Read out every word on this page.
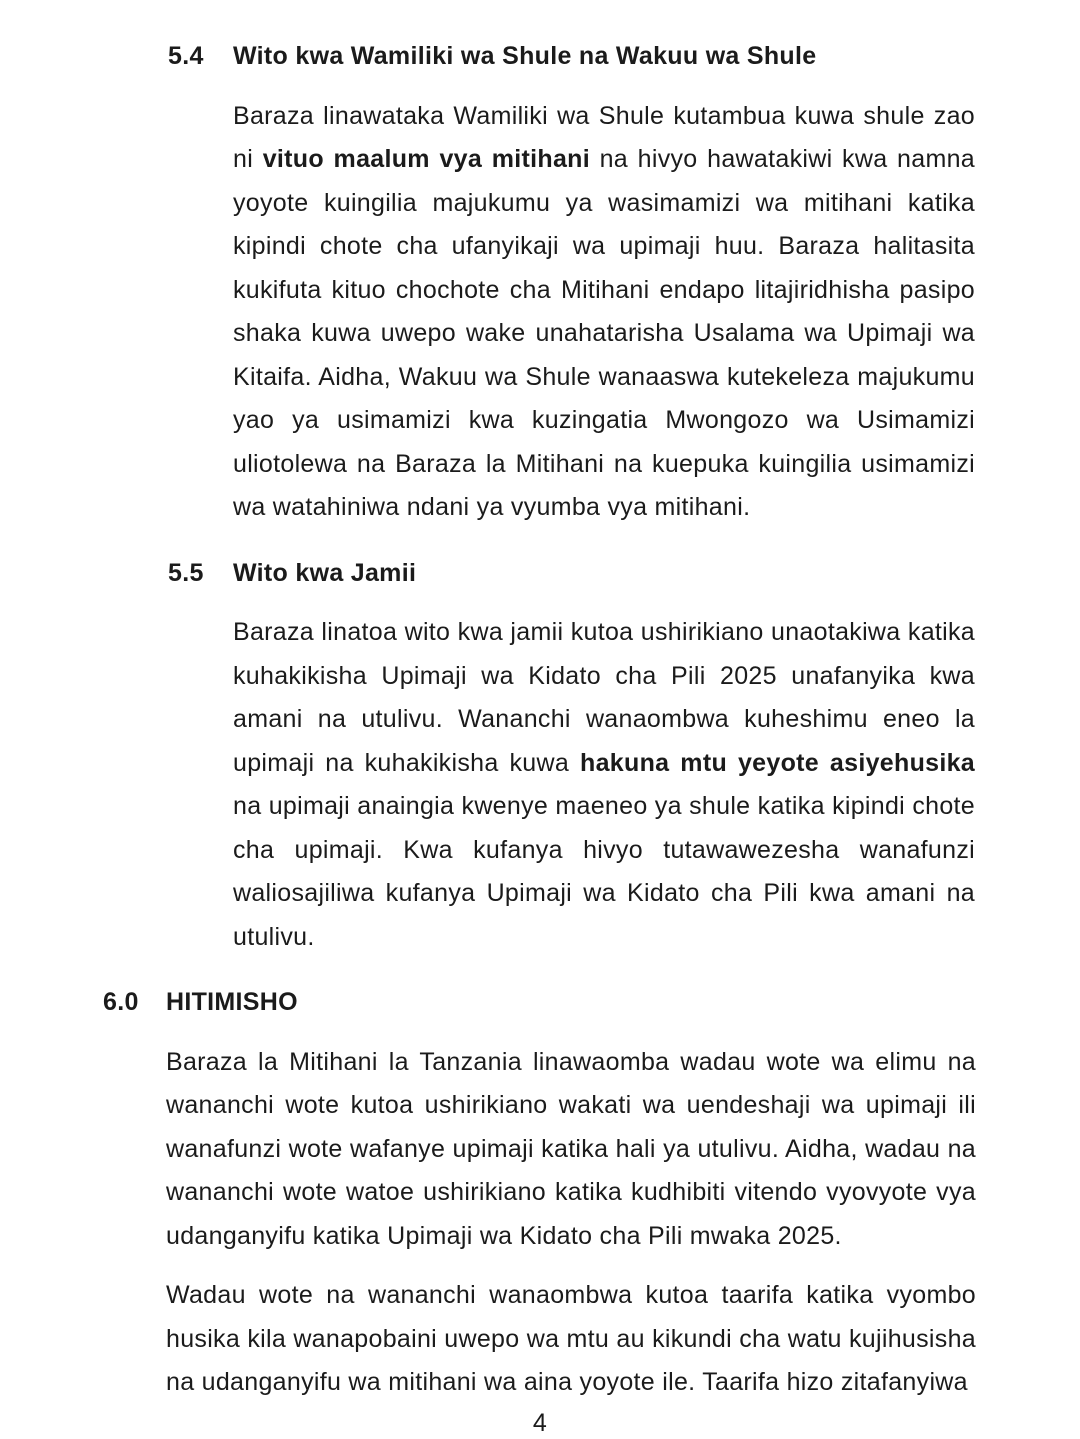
5.4	Wito kwa Wamiliki wa Shule na Wakuu wa Shule

Baraza linawataka Wamiliki wa Shule kutambua kuwa shule zao ni vituo maalum vya mitihani na hivyo hawatakiwi kwa namna yoyote kuingilia majukumu ya wasimamizi wa mitihani katika kipindi chote cha ufanyikaji wa upimaji huu. Baraza halitasita kukifuta kituo chochote cha Mitihani endapo litajiridhisha pasipo shaka kuwa uwepo wake unahatarisha Usalama wa Upimaji wa Kitaifa. Aidha, Wakuu wa Shule wanaaswa kutekeleza majukumu yao ya usimamizi kwa kuzingatia Mwongozo wa Usimamizi uliotolewa na Baraza la Mitihani na kuepuka kuingilia usimamizi wa watahiniwa ndani ya vyumba vya mitihani.

5.5	Wito kwa Jamii

Baraza linatoa wito kwa jamii kutoa ushirikiano unaotakiwa katika kuhakikisha Upimaji wa Kidato cha Pili 2025 unafanyika kwa amani na utulivu. Wananchi wanaombwa kuheshimu eneo la upimaji na kuhakikisha kuwa hakuna mtu yeyote asiyehusika na upimaji anaingia kwenye maeneo ya shule katika kipindi chote cha upimaji. Kwa kufanya hivyo tutawawezesha wanafunzi waliosajiliwa kufanya Upimaji wa Kidato cha Pili kwa amani na utulivu.

6.0	HITIMISHO

Baraza la Mitihani la Tanzania linawaomba wadau wote wa elimu na wananchi wote kutoa ushirikiano wakati wa uendeshaji wa upimaji ili wanafunzi wote wafanye upimaji katika hali ya utulivu. Aidha, wadau na wananchi wote watoe ushirikiano katika kudhibiti vitendo vyovyote vya udanganyifu katika Upimaji wa Kidato cha Pili mwaka 2025.

Wadau wote na wananchi wanaombwa kutoa taarifa katika vyombo husika kila wanapobaini uwepo wa mtu au kikundi cha watu kujihusisha na udanganyifu wa mitihani wa aina yoyote ile. Taarifa hizo zitafanyiwa

4
